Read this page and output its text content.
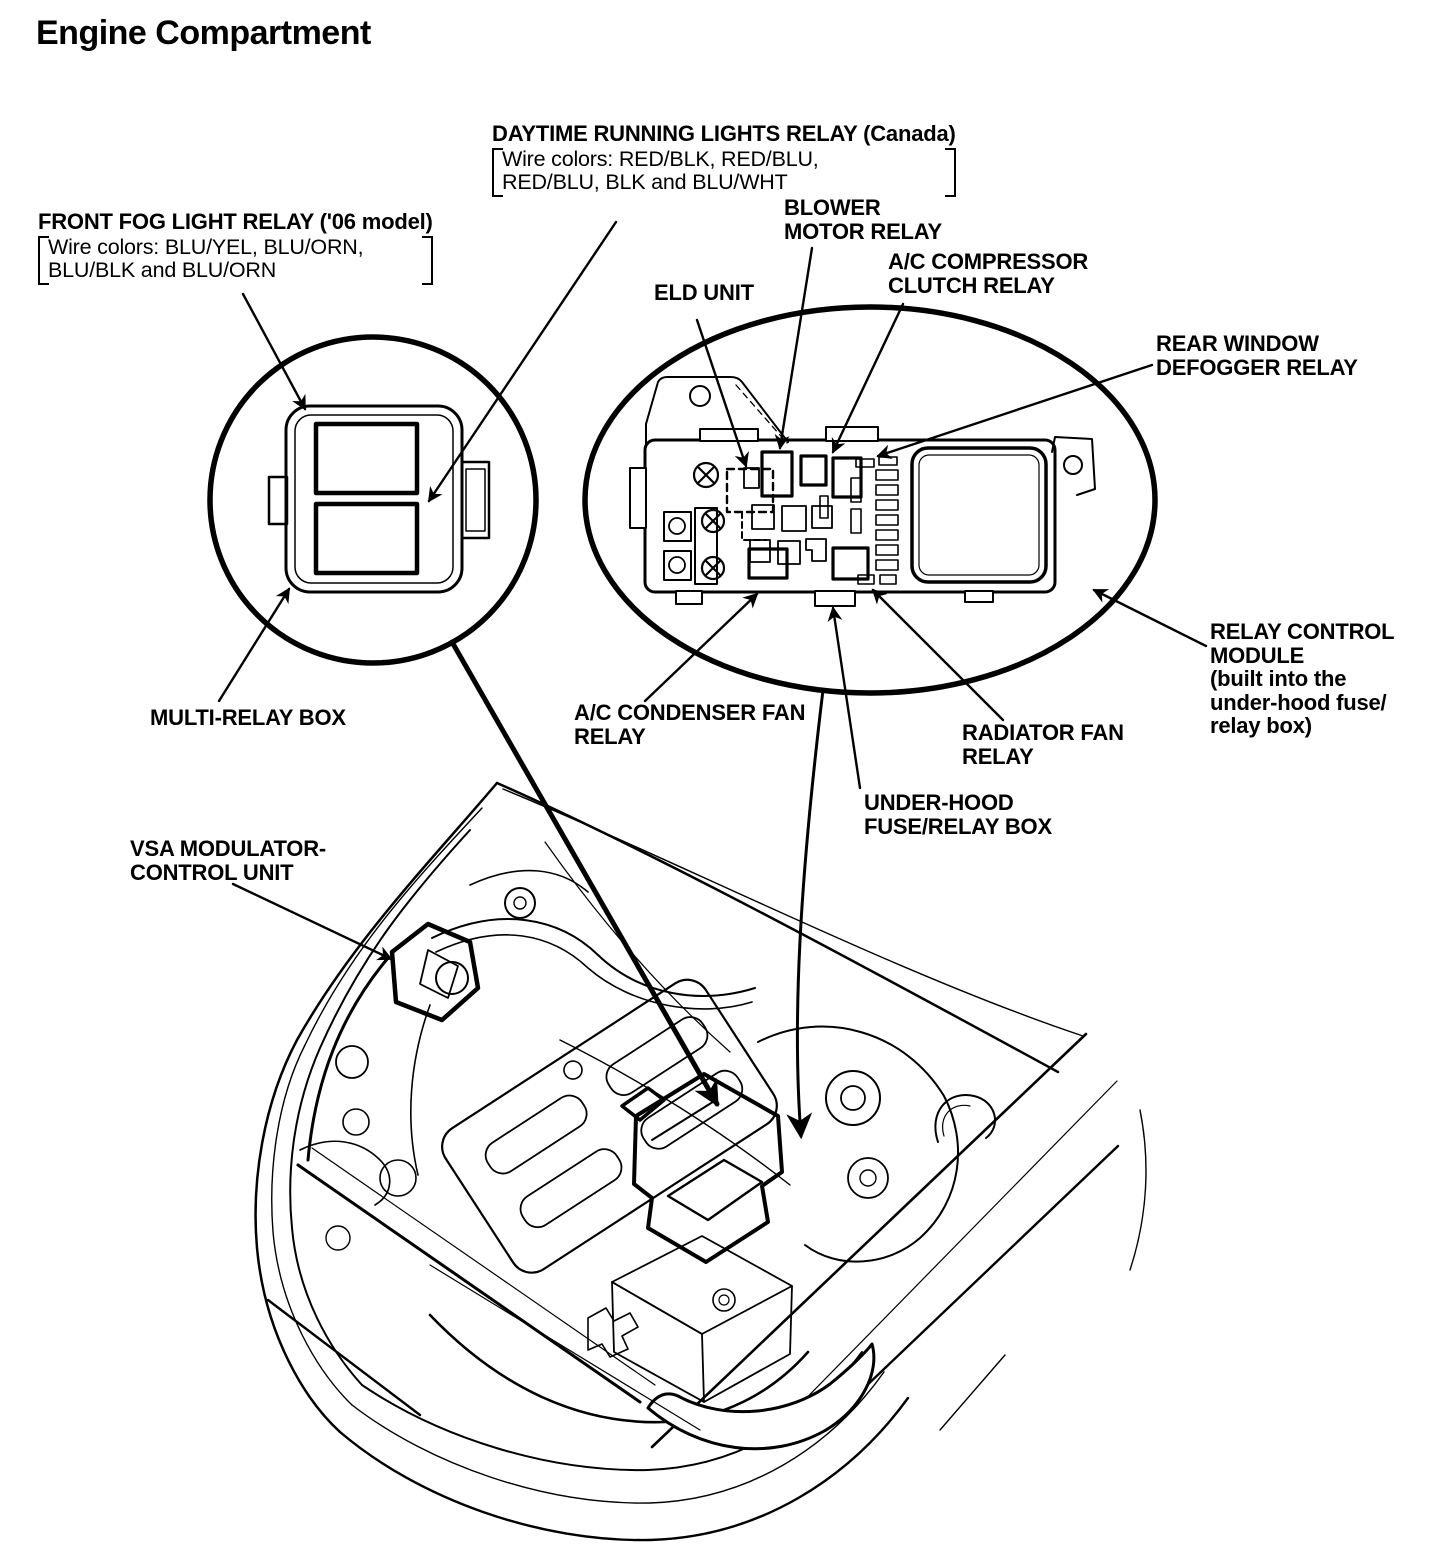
Engine Compartment
DAYTIME RUNNING LIGHTS RELAY (Canada)
Wire colors: RED/BLK, RED/BLU,
RED/BLU, BLK and BLU/WHT
FRONT FOG LIGHT RELAY ('06 model)
Wire colors: BLU/YEL, BLU/ORN,
BLU/BLK and BLU/ORN
BLOWER
MOTOR RELAY
ELD UNIT
A/C COMPRESSOR
CLUTCH RELAY
REAR WINDOW
DEFOGGER RELAY
RELAY CONTROL
MODULE
(built into the
under-hood fuse/
relay box)
MULTI-RELAY BOX	A/C CONDENSER FAN
RELAY	RADIATOR FAN
RELAY
UNDER-HOOD
FUSE/RELAY BOX
VSA MODULATOR-
CONTROL UNIT
